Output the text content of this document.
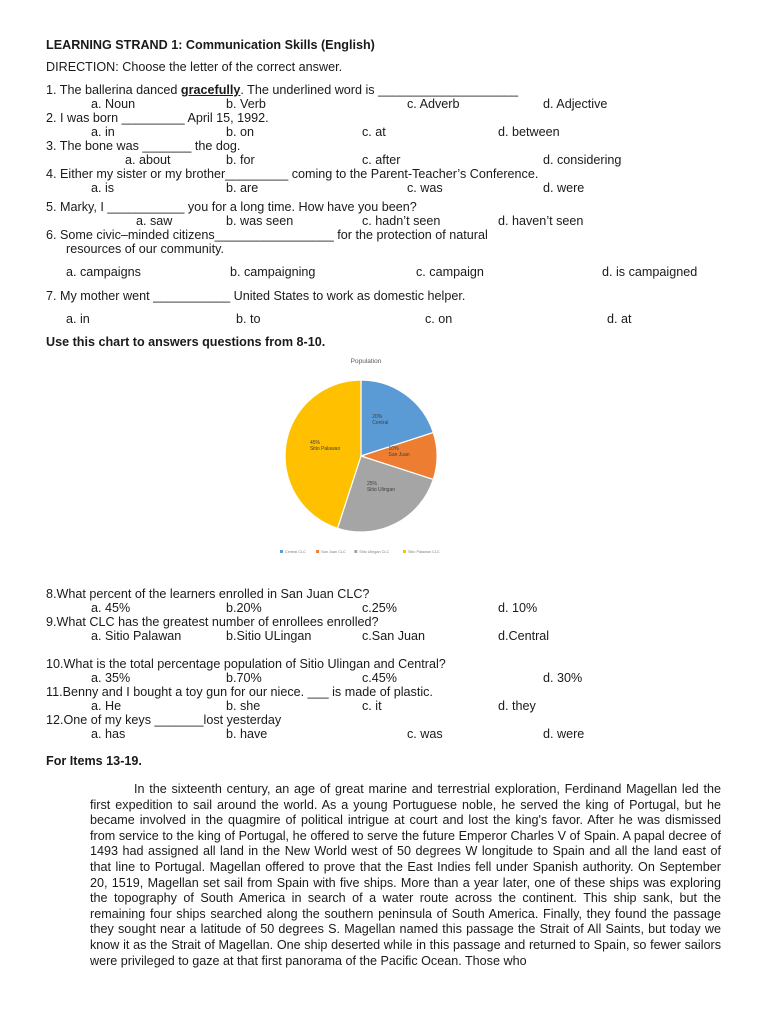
LEARNING STRAND 1: Communication Skills (English)
DIRECTION: Choose the letter of the correct answer.
1. The ballerina danced gracefully. The underlined word is ____________________
a. Noun	b. Verb	c. Adverb	d. Adjective
2. I was born _________ April 15, 1992.
a. in	b. on	c. at	d. between
3. The bone was _______ the dog.
a. about	b. for	c. after	d. considering
4. Either my sister or my brother_________ coming to the Parent-Teacher’s Conference.
a. is	b. are	c. was	d. were
5. Marky, I ___________ you for a long time. How have you been?
a. saw	b. was seen	c. hadn’t seen	d. haven’t seen
6. Some civic–minded citizens_________________ for the protection of natural
resources of our community.
a. campaigns	b. campaigning	c. campaign	d. is campaigned
7. My mother went ___________ United States to work as domestic helper.
a. in	b. to	c. on	d. at
Use this chart to answers questions from 8-10.
Population
20%
Central
10%
San Juan
25%
Sitio Ulingan
45%
Sitio Palawan
Central CLC	San Juan CLC	Sitio Ulingan CLC	Sitio Palawan CLC
8.What percent of the learners enrolled in San Juan CLC?
a. 45%	b.20%	c.25%	d. 10%
9.What CLC has the greatest number of enrollees enrolled?
a. Sitio Palawan	b.Sitio ULingan	c.San Juan	d.Central
10.What is the total percentage population of Sitio Ulingan and Central?
a. 35%	b.70%	c.45%	d. 30%
11.Benny and I bought a toy gun for our niece. ___ is made of plastic.
a. He	b. she	c. it	d. they
12.One of my keys _______lost yesterday
a. has	b. have	c. was	d. were
For Items 13-19.
In the sixteenth century, an age of great marine and terrestrial exploration, Ferdinand Magellan led the first expedition to sail around the world. As a young Portuguese noble, he served the king of Portugal, but he became involved in the quagmire of political intrigue at court and lost the king's favor. After he was dismissed from service to the king of Portugal, he offered to serve the future Emperor Charles V of Spain. A papal decree of 1493 had assigned all land in the New World west of 50 degrees W longitude to Spain and all the land east of that line to Portugal. Magellan offered to prove that the East Indies fell under Spanish authority. On September 20, 1519, Magellan set sail from Spain with five ships. More than a year later, one of these ships was exploring the topography of South America in search of a water route across the continent. This ship sank, but the remaining four ships searched along the southern peninsula of South America. Finally, they found the passage they sought near a latitude of 50 degrees S. Magellan named this passage the Strait of All Saints, but today we know it as the Strait of Magellan. One ship deserted while in this passage and returned to Spain, so fewer sailors were privileged to gaze at that first panorama of the Pacific Ocean. Those who
